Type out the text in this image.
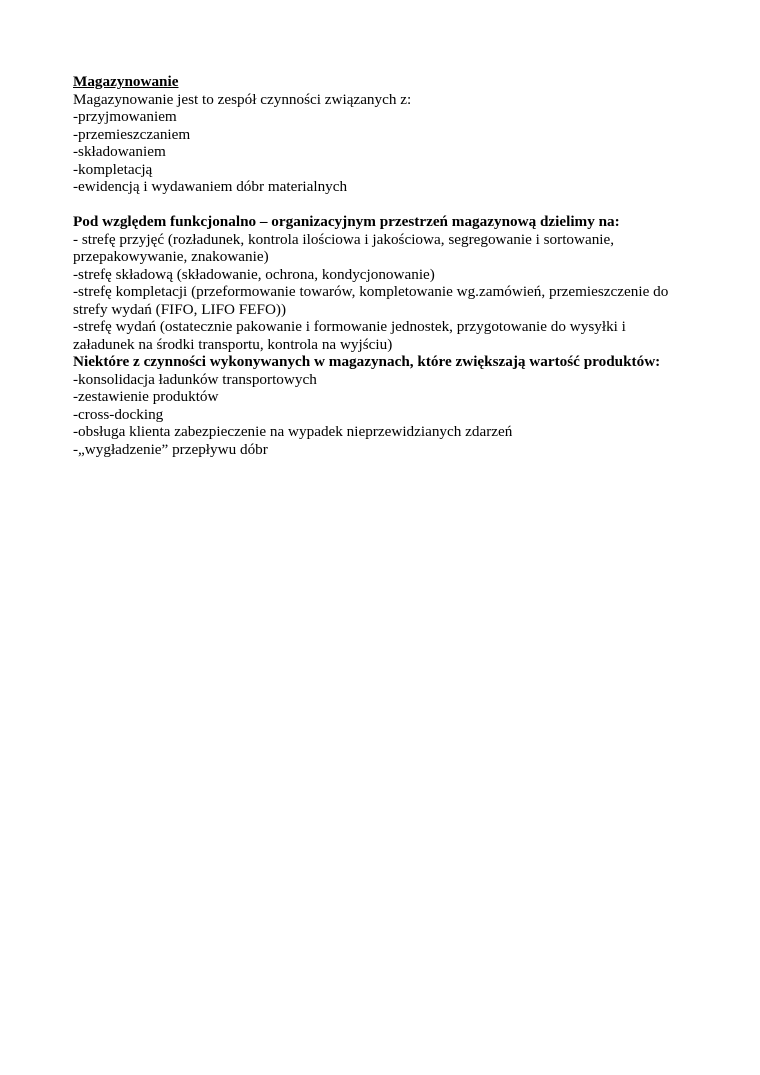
Magazynowanie
Magazynowanie jest to zespół czynności związanych z:
-przyjmowaniem
-przemieszczaniem
-składowaniem
-kompletacją
-ewidencją i wydawaniem dóbr materialnych
Pod względem funkcjonalno – organizacyjnym przestrzeń magazynową dzielimy na:
- strefę przyjęć (rozładunek, kontrola ilościowa i jakościowa, segregowanie i sortowanie,
przepakowywanie, znakowanie)
-strefę składową (składowanie, ochrona, kondycjonowanie)
-strefę kompletacji (przeformowanie towarów, kompletowanie wg.zamówień, przemieszczenie do
strefy wydań (FIFO, LIFO FEFO))
-strefę wydań (ostatecznie pakowanie i formowanie jednostek, przygotowanie do wysyłki i
załadunek na środki transportu, kontrola na wyjściu)
Niektóre z czynności wykonywanych w magazynach, które zwiększają wartość produktów:
-konsolidacja ładunków transportowych
-zestawienie produktów
-cross-docking
-obsługa klienta zabezpieczenie na wypadek nieprzewidzianych zdarzeń
-„wygładzenie” przepływu dóbr
